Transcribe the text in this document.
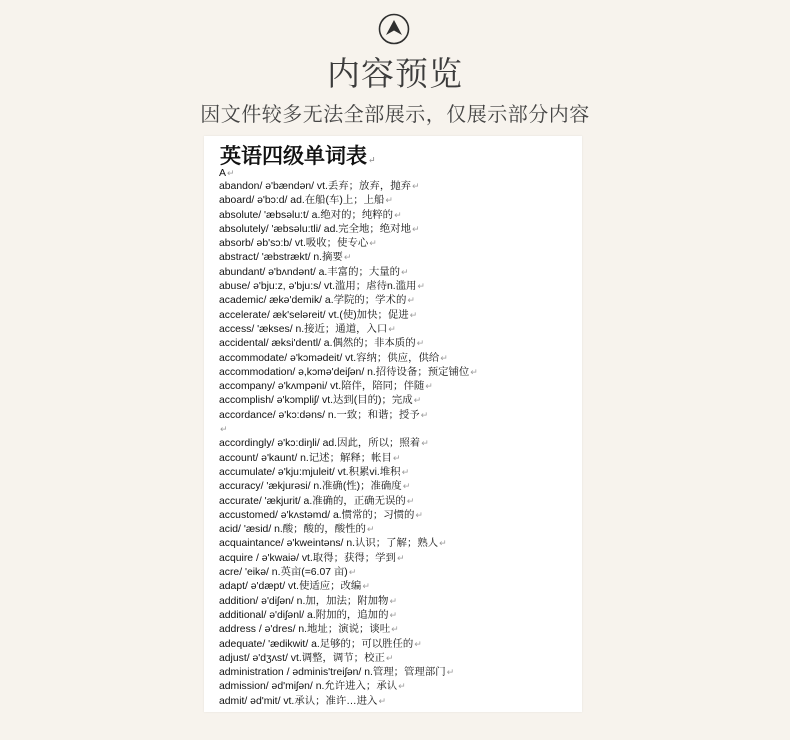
内容预览
因文件较多无法全部展示，仅展示部分内容
英语四级单词表↵
A↵
abandon/ ə'bændən/ vt.丢弃；放弃，抛弃↵
aboard/ ə'bɔ:d/ ad.在船(车)上；上船↵
absolute/ 'æbsəlu:t/ a.绝对的；纯粹的↵
absolutely/ 'æbsəlu:tli/ ad.完全地；绝对地↵
absorb/ əb'sɔ:b/ vt.吸收；使专心↵
abstract/ 'æbstrækt/ n.摘要↵
abundant/ ə'bʌndənt/ a.丰富的；大量的↵
abuse/ ə'bju:z, ə'bju:s/ vt.滥用；虐待n.滥用↵
academic/ ækə'demik/ a.学院的；学术的↵
accelerate/ æk'seləreit/ vt.(使)加快；促进↵
access/ 'ækses/ n.接近；通道，入口↵
accidental/ æksi'dentl/ a.偶然的；非本质的↵
accommodate/ ə'kɔmədeit/ vt.容纳；供应，供给↵
accommodation/ ə,kɔmə'deiʃən/ n.招待设备；预定铺位↵
accompany/ ə'kʌmpəni/ vt.陪伴，陪同；伴随↵
accomplish/ ə'kɔmpliʃ/ vt.达到(目的)；完成↵
accordance/ ə'kɔ:dəns/ n.一致；和谐；授予↵
↵
accordingly/ ə'kɔ:diŋli/ ad.因此，所以；照着↵
account/ ə'kaunt/ n.记述；解释；帐目↵
accumulate/ ə'kju:mjuleit/ vt.积累vi.堆积↵
accuracy/ 'ækjurəsi/ n.准确(性)；准确度↵
accurate/ 'ækjurit/ a.准确的，正确无误的↵
accustomed/ ə'kʌstəmd/ a.惯常的；习惯的↵
acid/ 'æsid/ n.酸；酸的，酸性的↵
acquaintance/ ə'kweintəns/ n.认识；了解；熟人↵
acquire / ə'kwaiə/ vt.取得；获得；学到↵
acre/ 'eikə/ n.英亩(=6.07 亩)↵
adapt/ ə'dæpt/ vt.使适应；改编↵
addition/ ə'diʃən/ n.加，加法；附加物↵
additional/ ə'diʃənl/ a.附加的，追加的↵
address / ə'dres/ n.地址；演说；谈吐↵
adequate/ 'ædikwit/ a.足够的；可以胜任的↵
adjust/ ə'dʒʌst/ vt.调整，调节；校正↵
administration / ədminis'treiʃən/ n.管理；管理部门↵
admission/ əd'miʃən/ n.允许进入；承认↵
admit/ əd'mit/ vt.承认；准许…进入↵
